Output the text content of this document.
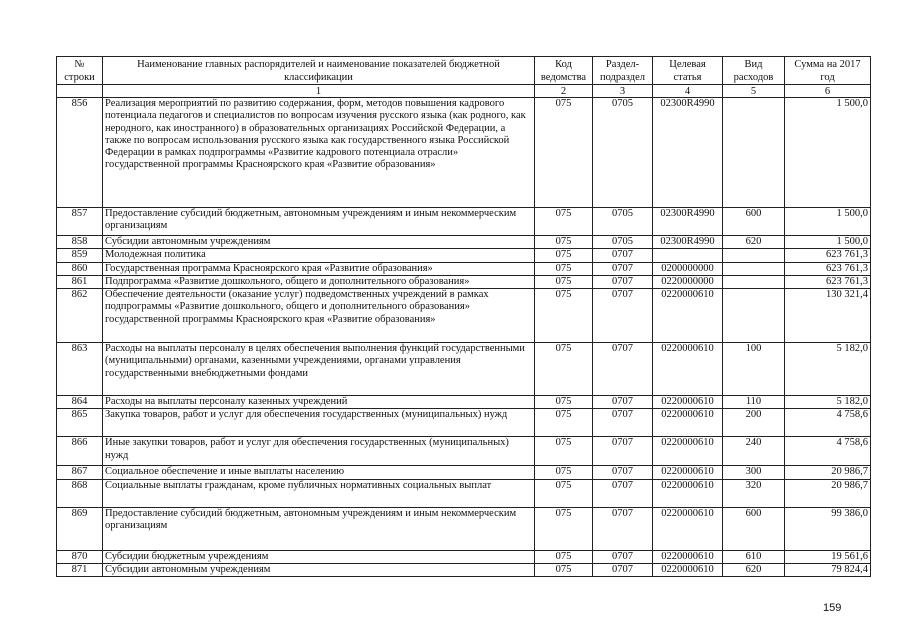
№ строки	Наименование главных распорядителей и наименование показателей бюджетной классификации	Код ведомства	Раздел-подраздел	Целевая статья	Вид расходов	Сумма на 2017 год
	1	2	3	4	5	6
856	Реализация мероприятий по развитию содержания, форм, методов повышения кадрового потенциала педагогов и специалистов по вопросам изучения русского языка (как родного, как неродного, как иностранного) в образовательных организациях Российской Федерации, а также по вопросам использования русского языка как государственного языка Российской Федерации в рамках подпрограммы «Развитие кадрового потенциала отрасли» государственной программы Красноярского края «Развитие образования»	075	0705	02300R4990		1 500,0
857	Предоставление субсидий бюджетным, автономным учреждениям и иным некоммерческим организациям	075	0705	02300R4990	600	1 500,0
858	Субсидии автономным учреждениям	075	0705	02300R4990	620	1 500,0
859	Молодежная политика	075	0707			623 761,3
860	Государственная программа Красноярского края «Развитие образования»	075	0707	0200000000		623 761,3
861	Подпрограмма «Развитие дошкольного, общего и дополнительного образования»	075	0707	0220000000		623 761,3
862	Обеспечение деятельности (оказание услуг) подведомственных учреждений в рамках подпрограммы «Развитие дошкольного, общего и дополнительного образования» государственной программы Красноярского края «Развитие образования»	075	0707	0220000610		130 321,4
863	Расходы на выплаты персоналу в целях обеспечения выполнения функций государственными (муниципальными) органами, казенными учреждениями, органами управления государственными внебюджетными фондами	075	0707	0220000610	100	5 182,0
864	Расходы на выплаты персоналу казенных учреждений	075	0707	0220000610	110	5 182,0
865	Закупка товаров, работ и услуг для обеспечения государственных (муниципальных) нужд	075	0707	0220000610	200	4 758,6
866	Иные закупки товаров, работ и услуг для обеспечения государственных (муниципальных) нужд	075	0707	0220000610	240	4 758,6
867	Социальное обеспечение и иные выплаты населению	075	0707	0220000610	300	20 986,7
868	Социальные выплаты гражданам, кроме публичных нормативных социальных выплат	075	0707	0220000610	320	20 986,7
869	Предоставление субсидий бюджетным, автономным учреждениям и иным некоммерческим организациям	075	0707	0220000610	600	99 386,0
870	Субсидии бюджетным учреждениям	075	0707	0220000610	610	19 561,6
871	Субсидии автономным учреждениям	075	0707	0220000610	620	79 824,4
159
